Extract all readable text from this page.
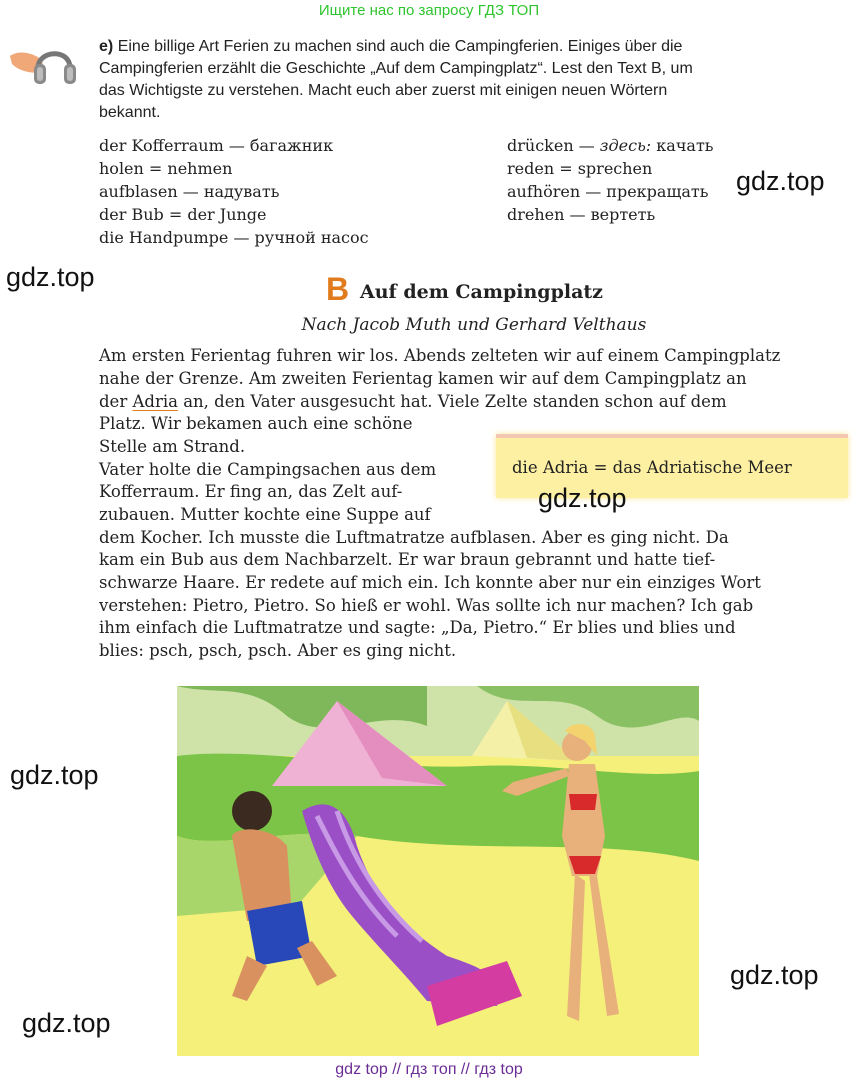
Ищите нас по запросу ГДЗ ТОП
е) Eine billige Art Ferien zu machen sind auch die Campingferien. Einiges über die
Campingferien erzählt die Geschichte „Auf dem Campingplatz“. Lest den Text B, um
das Wichtigste zu verstehen. Macht euch aber zuerst mit einigen neuen Wörtern
bekannt.
der Kofferraum — багажник
holen = nehmen
aufblasen — надувать
der Bub = der Junge
die Handpumpe — ручной насос
drücken — здесь: качать
reden = sprechen
aufhören — прекращать
drehen — вертеть
gdz.top
gdz.top	B Auf dem Campingplatz
Nach Jacob Muth und Gerhard Velthaus
Am ersten Ferientag fuhren wir los. Abends zelteten wir auf einem Campingplatz
nahe der Grenze. Am zweiten Ferientag kamen wir auf dem Campingplatz an
der Adria an, den Vater ausgesucht hat. Viele Zelte standen schon auf dem
Platz. Wir bekamen auch eine schöne
Stelle am Strand.
Vater holte die Campingsachen aus dem
Kofferraum. Er fing an, das Zelt auf-
zubauen. Mutter kochte eine Suppe auf
dem Kocher. Ich musste die Luftmatratze aufblasen. Aber es ging nicht. Da
kam ein Bub aus dem Nachbarzelt. Er war braun gebrannt und hatte tief-
schwarze Haare. Er redete auf mich ein. Ich konnte aber nur ein einziges Wort
verstehen: Pietro, Pietro. So hieß er wohl. Was sollte ich nur machen? Ich gab
ihm einfach die Luftmatratze und sagte: „Da, Pietro.“ Er blies und blies und
blies: psch, psch, psch. Aber es ging nicht.
die Adria = das Adriatische Meer
gdz.top
gdz.top
gdz.top
gdz.top
gdz top // гдз топ // гдз top
